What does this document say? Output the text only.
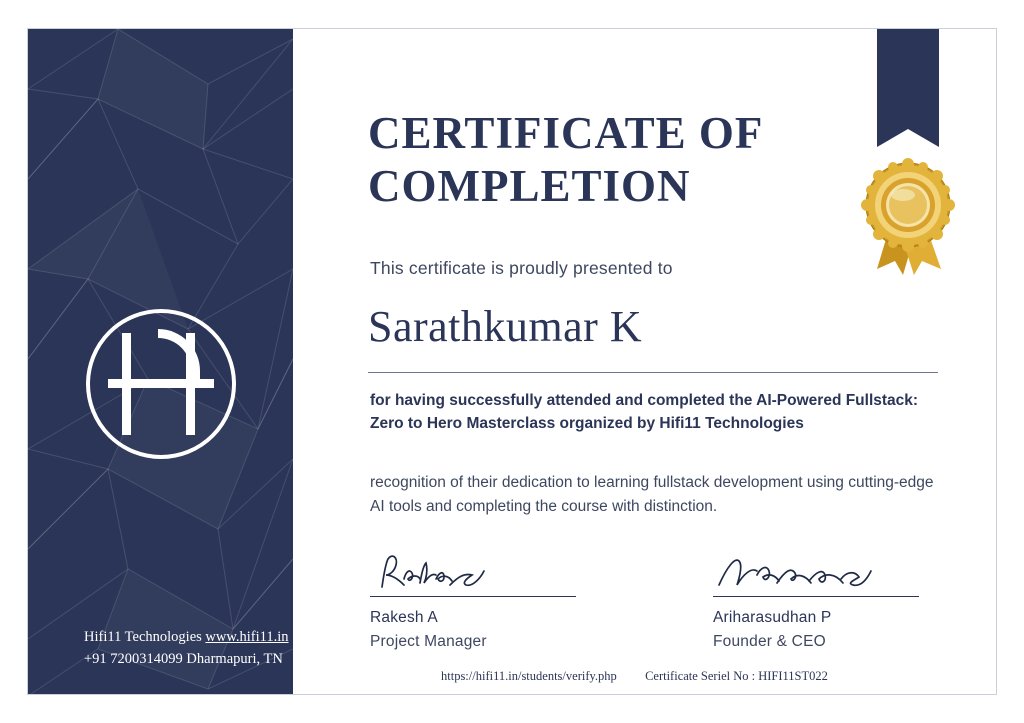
Hifi11 Technologies www.hifi11.in
+91 7200314099 Dharmapuri, TN
CERTIFICATE OF COMPLETION
This certificate is proudly presented to
Sarathkumar K
for having successfully attended and completed the AI-Powered Fullstack: Zero to Hero Masterclass organized by Hifi11 Technologies
recognition of their dedication to learning fullstack development using cutting-edge AI tools and completing the course with distinction.
Rakesh A
Project Manager
Ariharasudhan P
Founder & CEO
https://hifi11.in/students/verify.php Certificate Seriel No : HIFI11ST022
